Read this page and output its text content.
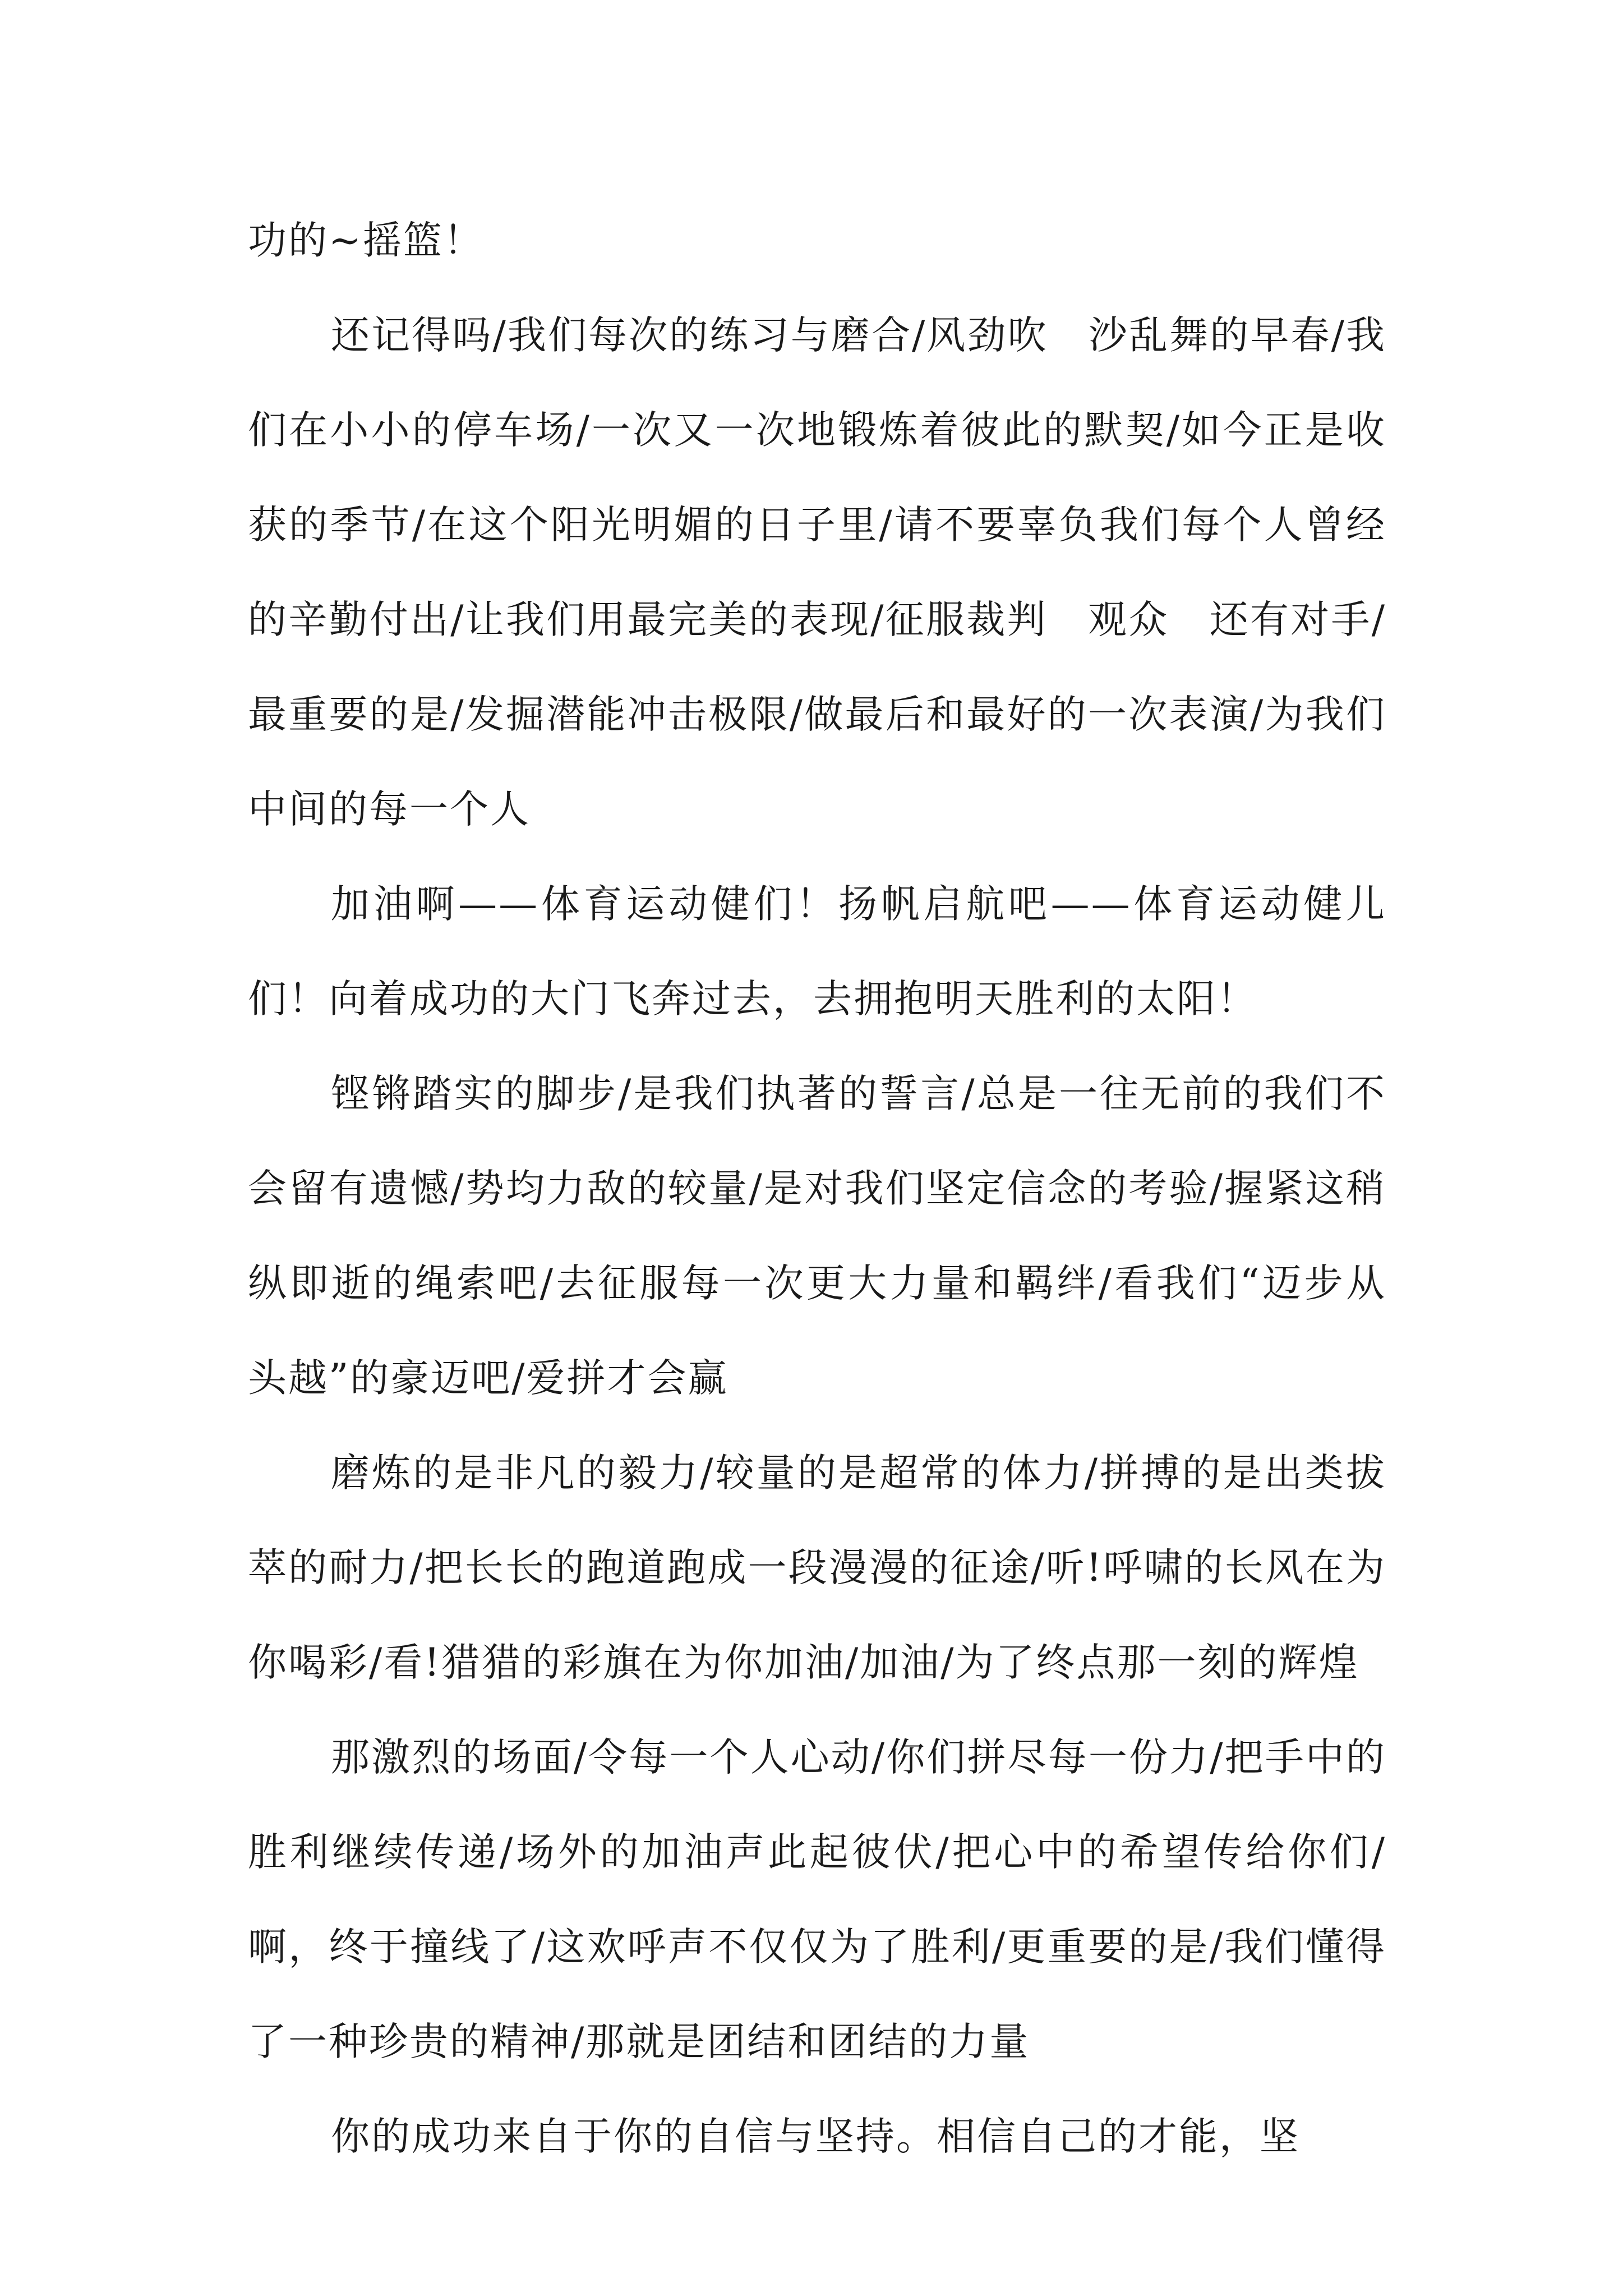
功的~摇篮！

还记得吗/我们每次的练习与磨合/风劲吹　沙乱舞的早春/我们在小小的停车场/一次又一次地锻炼着彼此的默契/如今正是收获的季节/在这个阳光明媚的日子里/请不要辜负我们每个人曾经的辛勤付出/让我们用最完美的表现/征服裁判　观众　还有对手/最重要的是/发掘潜能冲击极限/做最后和最好的一次表演/为我们中间的每一个人

加油啊——体育运动健们！扬帆启航吧——体育运动健儿们！向着成功的大门飞奔过去，去拥抱明天胜利的太阳！

铿锵踏实的脚步/是我们执著的誓言/总是一往无前的我们不会留有遗憾/势均力敌的较量/是对我们坚定信念的考验/握紧这稍纵即逝的绳索吧/去征服每一次更大力量和羁绊/看我们“迈步从头越”的豪迈吧/爱拼才会赢

磨炼的是非凡的毅力/较量的是超常的体力/拼搏的是出类拔萃的耐力/把长长的跑道跑成一段漫漫的征途/听!呼啸的长风在为你喝彩/看!猎猎的彩旗在为你加油/加油/为了终点那一刻的辉煌

那激烈的场面/令每一个人心动/你们拼尽每一份力/把手中的胜利继续传递/场外的加油声此起彼伏/把心中的希望传给你们/啊，终于撞线了/这欢呼声不仅仅为了胜利/更重要的是/我们懂得了一种珍贵的精神/那就是团结和团结的力量

你的成功来自于你的自信与坚持。相信自己的才能，坚
